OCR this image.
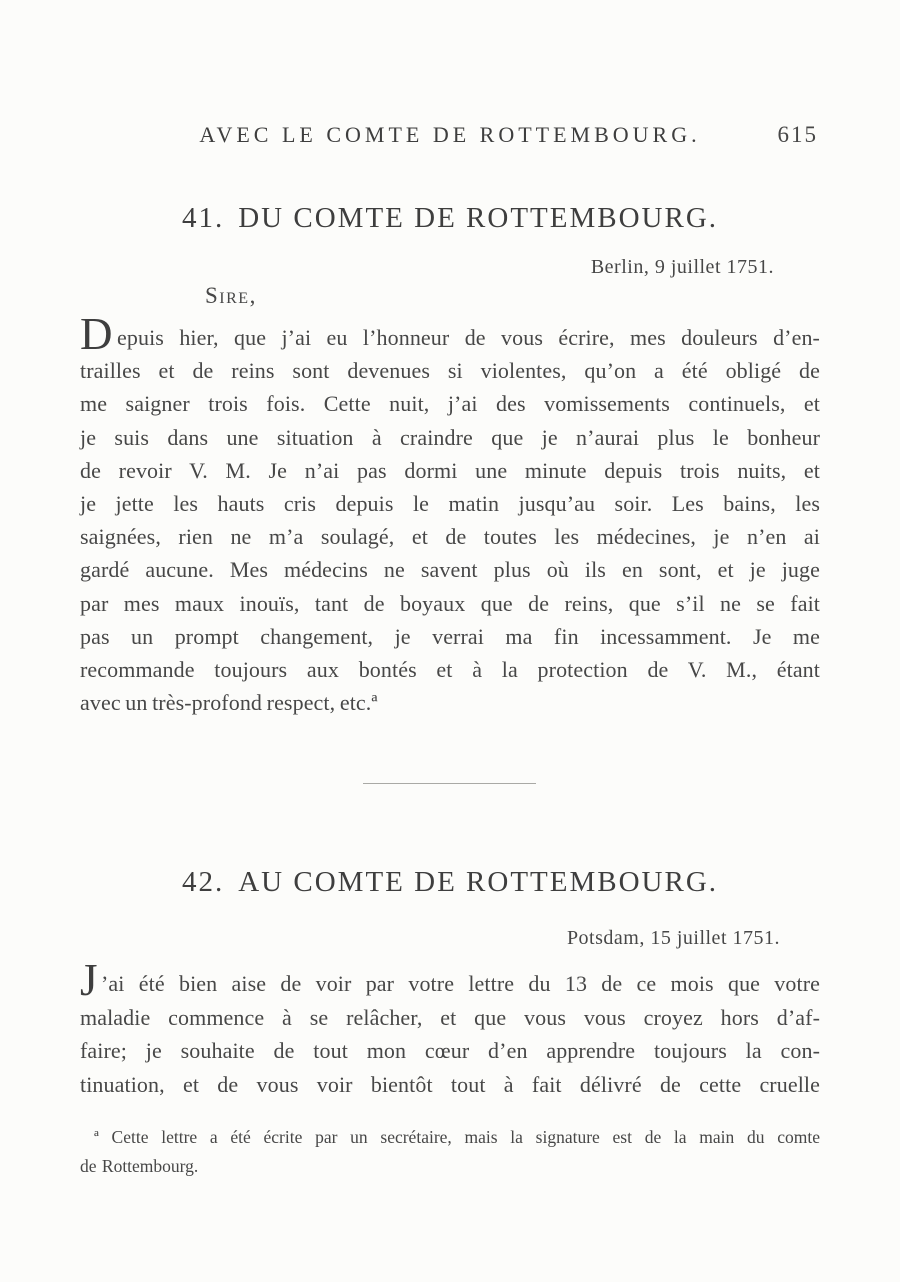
AVEC LE COMTE DE ROTTEMBOURG.	615
41. DU COMTE DE ROTTEMBOURG.
Berlin, 9 juillet 1751.
Sire,
D epuis hier, que j’ai eu l’honneur de vous écrire, mes douleurs d’en-
trailles et de reins sont devenues si violentes, qu’on a été obligé de
me saigner trois fois. Cette nuit, j’ai des vomissements continuels, et
je suis dans une situation à craindre que je n’aurai plus le bonheur
de revoir V. M. Je n’ai pas dormi une minute depuis trois nuits, et
je jette les hauts cris depuis le matin jusqu’au soir. Les bains, les
saignées, rien ne m’a soulagé, et de toutes les médecines, je n’en ai
gardé aucune. Mes médecins ne savent plus où ils en sont, et je juge
par mes maux inouïs, tant de boyaux que de reins, que s’il ne se fait
pas un prompt changement, je verrai ma fin incessamment. Je me
recommande toujours aux bontés et à la protection de V. M., étant
avec un très-profond respect, etc.ª
42. AU COMTE DE ROTTEMBOURG.
Potsdam, 15 juillet 1751.
J ’ai été bien aise de voir par votre lettre du 13 de ce mois que votre
maladie commence à se relâcher, et que vous vous croyez hors d’af-
faire; je souhaite de tout mon cœur d’en apprendre toujours la con-
tinuation, et de vous voir bientôt tout à fait délivré de cette cruelle
ª Cette lettre a été écrite par un secrétaire, mais la signature est de la main du comte
de Rottembourg.
